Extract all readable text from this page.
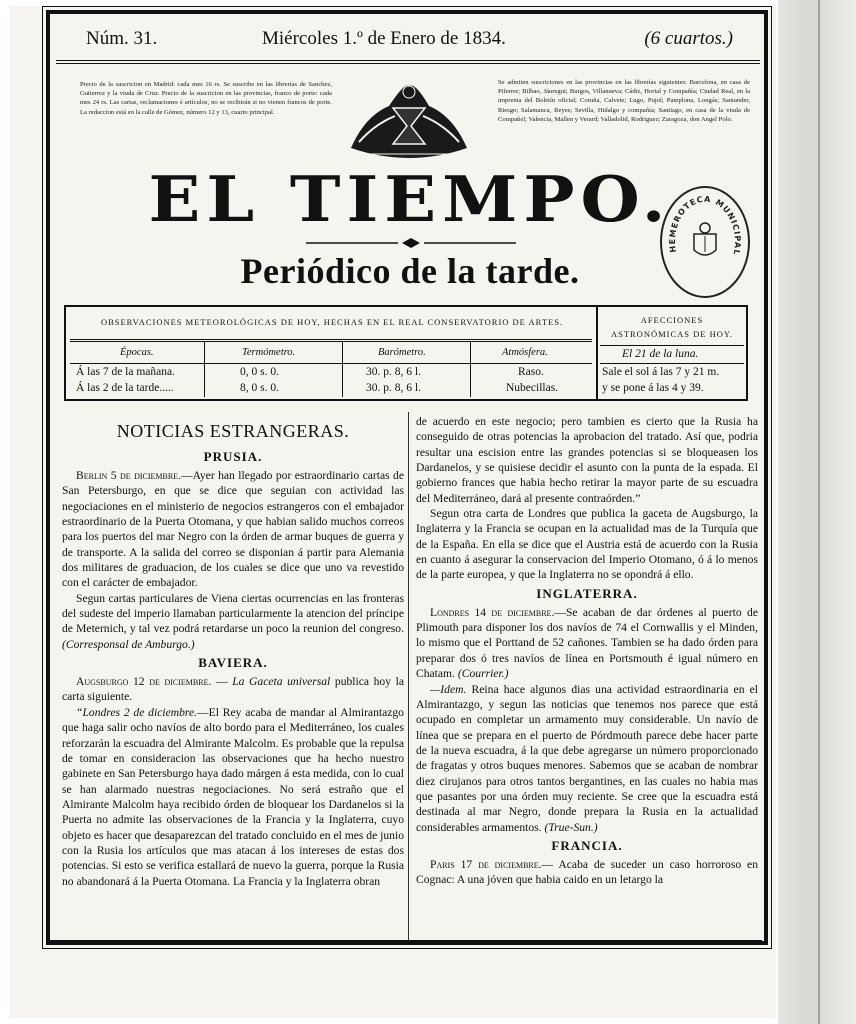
Núm. 31.	Miércoles 1.º de Enero de 1834.	(6 cuartos.)
Precio de la suscricion en Madrid: cada mes 16 rs. Se suscribe en las librerías de Sanchez, Gutierrez y la viuda de Cruz. Precio de la suscricion en las provincias, franco de porte: cada mes 24 rs. Las cartas, reclamaciones é artículos, no se recibirán si no vienen francos de porte. La redaccion está en la calle de Gómez, número 12 y 13, cuarto principal.
Se admiten suscriciones en las provincias en las librerías siguientes: Barcelona, en casa de Piferrer; Bilbao, Jáuregui; Burgos, Villanueva; Cádiz, Hortal y Compañía; Ciudad Real, en la imprenta del Boletín oficial; Coruña, Calvete; Lugo, Pujol; Pamplona, Longás; Santander, Riesgo; Salamanca, Reyes; Sevilla, Hidalgo y compañía; Santiago, en casa de la viuda de Compañel; Valencia, Mallen y Verard; Valladolid, Rodriguez; Zaragoza, don Angel Polo.
EL TIEMPO.
Periódico de la tarde.
HEMEROTECA MUNICIPAL
OBSERVACIONES METEOROLÓGICAS DE HOY, HECHAS EN EL REAL CONSERVATORIO DE ARTES.
Épocas.	Termómetro.	Barómetro.	Atmósfera.
Á las 7 de la mañana.	0, 0 s. 0.	30. p. 8, 6 l.	Raso.
Á las 2 de la tarde.....	8, 0 s. 0.	30. p. 8, 6 l.	Nubecillas.
AFECCIONES ASTRONÓMICAS DE HOY.
El 21 de la luna.
Sale el sol á las 7 y 21 m.
y se pone á las 4 y 39.

NOTICIAS ESTRANGERAS.

PRUSIA.

Berlin 5 de diciembre.—Ayer han llegado por estraordinario cartas de San Petersburgo, en que se dice que seguian con actividad las negociaciones en el ministerio de negocios estrangeros con el embajador estraordinario de la Puerta Otomana, y que habian salido muchos correos para los puertos del mar Negro con la órden de armar buques de guerra y de transporte. A la salida del correo se disponian á partir para Alemania dos militares de graduacion, de los cuales se dice que uno va revestido con el carácter de embajador.

Segun cartas particulares de Viena ciertas ocurrencias en las fronteras del sudeste del imperio llamaban particularmente la atencion del príncipe de Meternich, y tal vez podrá retardarse un poco la reunion del congreso. (Corresponsal de Amburgo.)

BAVIERA.

Augsburgo 12 de diciembre. — La Gaceta universal publica hoy la carta siguiente.

“Londres 2 de diciembre.—El Rey acaba de mandar al Almirantazgo que haga salir ocho navíos de alto bordo para el Mediterráneo, los cuales reforzarán la escuadra del Almirante Malcolm. Es probable que la repulsa de tomar en consideracion las observaciones que ha hecho nuestro gabinete en San Petersburgo haya dado márgen á esta medida, con lo cual se han alarmado nuestras negociaciones. No será estraño que el Almirante Malcolm haya recibido órden de bloquear los Dardanelos si la Puerta no admite las observaciones de la Francia y la Inglaterra, cuyo objeto es hacer que desaparezcan del tratado concluido en el mes de junio con la Rusia los artículos que mas atacan á los intereses de estas dos potencias. Si esto se verifica estallará de nuevo la guerra, porque la Rusia no abandonará á la Puerta Otomana. La Francia y la Inglaterra obran

de acuerdo en este negocio; pero tambien es cierto que la Rusia ha conseguido de otras potencias la aprobacion del tratado. Así que, podria resultar una escision entre las grandes potencias si se bloqueasen los Dardanelos, y se quisiese decidir el asunto con la punta de la espada. El gobierno frances que habia hecho retirar la mayor parte de su escuadra del Mediterráneo, dará al presente contraórden.”

Segun otra carta de Londres que publica la gaceta de Augsburgo, la Inglaterra y la Francia se ocupan en la actualidad mas de la Turquía que de la España. En ella se dice que el Austria está de acuerdo con la Rusia en cuanto á asegurar la conservacion del Imperio Otomano, ó á lo menos de la parte europea, y que la Inglaterra no se opondrá á ello.

INGLATERRA.

Londres 14 de diciembre.—Se acaban de dar órdenes al puerto de Plimouth para disponer los dos navíos de 74 el Cornwallis y el Minden, lo mismo que el Porttand de 52 cañones. Tambien se ha dado órden para preparar dos ó tres navíos de línea en Portsmouth é igual número en Chatam. (Courrier.)

—Idem. Reina hace algunos dias una actividad estraordinaria en el Almirantazgo, y segun las noticias que tenemos nos parece que está ocupado en completar un armamento muy considerable. Un navío de línea que se prepara en el puerto de Pórdmouth parece debe hacer parte de la nueva escuadra, á la que debe agregarse un número proporcionado de fragatas y otros buques menores. Sabemos que se acaban de nombrar diez cirujanos para otros tantos bergantines, en las cuales no habia mas que pasantes por una órden muy reciente. Se cree que la escuadra está destinada al mar Negro, donde prepara la Rusia en la actualidad considerables armamentos. (True-Sun.)

FRANCIA.

Paris 17 de diciembre.— Acaba de suceder un caso horroroso en Cognac: A una jóven que habia caido en un letargo la
